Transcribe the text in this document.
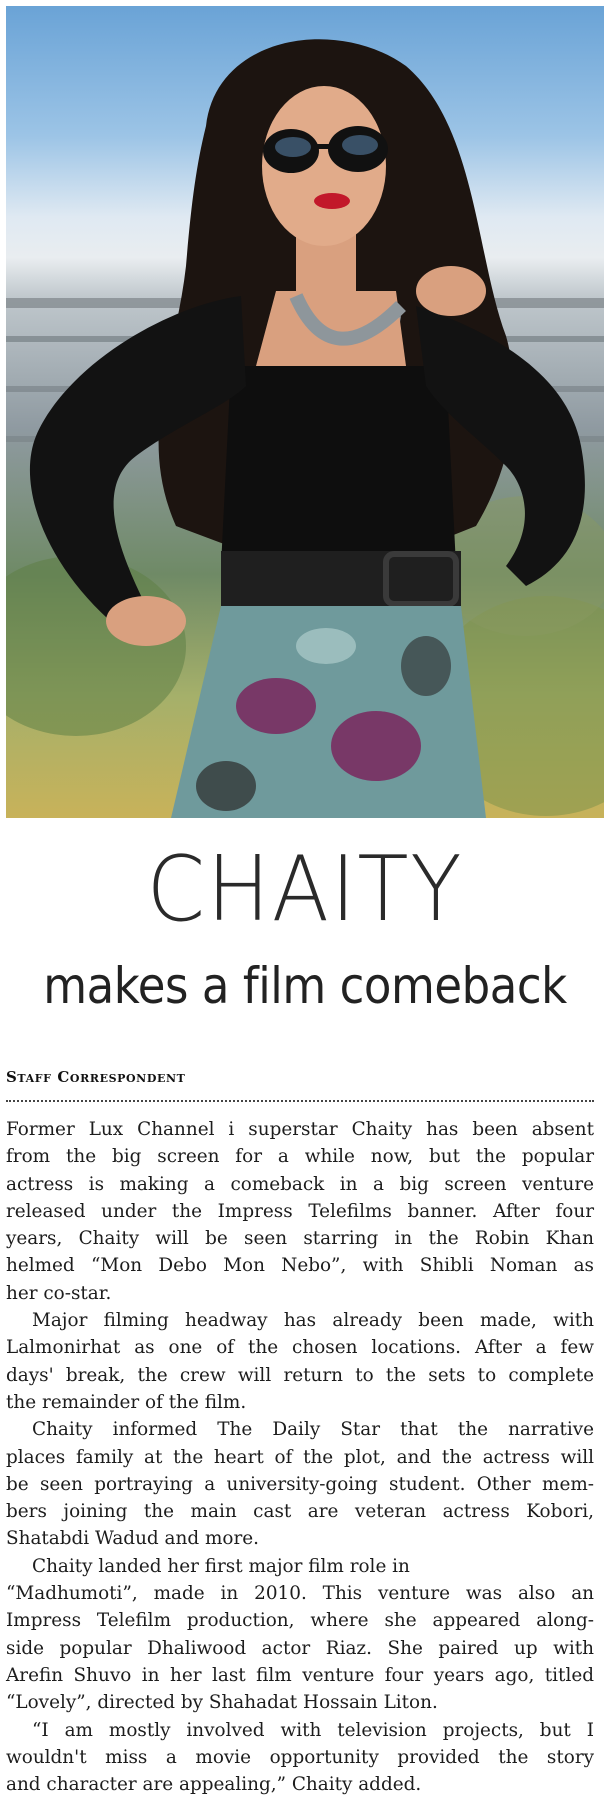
CHAITY
makes a film comeback
Staff Correspondent
Former Lux Channel i superstar Chaity has been absent
from the big screen for a while now, but the popular
actress is making a comeback in a big screen venture
released under the Impress Telefilms banner. After four
years, Chaity will be seen starring in the Robin Khan
helmed “Mon Debo Mon Nebo”, with Shibli Noman as
her co-star.
Major filming headway has already been made, with
Lalmonirhat as one of the chosen locations. After a few
days' break, the crew will return to the sets to complete
the remainder of the film.
Chaity informed The Daily Star that the narrative
places family at the heart of the plot, and the actress will
be seen portraying a university-going student. Other mem-
bers joining the main cast are veteran actress Kobori,
Shatabdi Wadud and more.
Chaity landed her first major film role in
“Madhumoti”, made in 2010. This venture was also an
Impress Telefilm production, where she appeared along-
side popular Dhaliwood actor Riaz. She paired up with
Arefin Shuvo in her last film venture four years ago, titled
“Lovely”, directed by Shahadat Hossain Liton.
“I am mostly involved with television projects, but I
wouldn't miss a movie opportunity provided the story
and character are appealing,” Chaity added.
